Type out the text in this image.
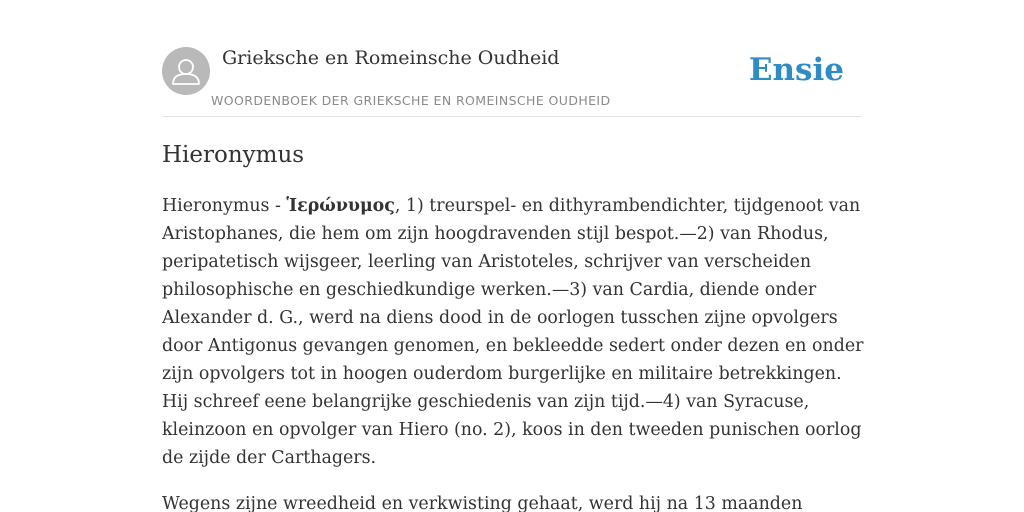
Grieksche en Romeinsche Oudheid
WOORDENBOEK DER GRIEKSCHE EN ROMEINSCHE OUDHEID
Ensie
Hieronymus

Hieronymus - Ἱερώνυμος, 1) treurspel- en dithyrambendichter, tijdgenoot van Aristophanes, die hem om zijn hoogdravenden stijl bespot.—2) van Rhodus, peripatetisch wijsgeer, leerling van Aristoteles, schrijver van verscheiden philosophische en geschiedkundige werken.—3) van Cardia, diende onder Alexander d. G., werd na diens dood in de oorlogen tusschen zijne opvolgers door Antigonus gevangen genomen, en bekleedde sedert onder dezen en onder zijn opvolgers tot in hoogen ouderdom burgerlijke en militaire betrekkingen. Hij schreef eene belangrijke geschiedenis van zijn tijd.—4) van Syracuse, kleinzoon en opvolger van Hiero (no. 2), koos in den tweeden punischen oorlog de zijde der Carthagers.

Wegens zijne wreedheid en verkwisting gehaat, werd hij na 13 maanden
